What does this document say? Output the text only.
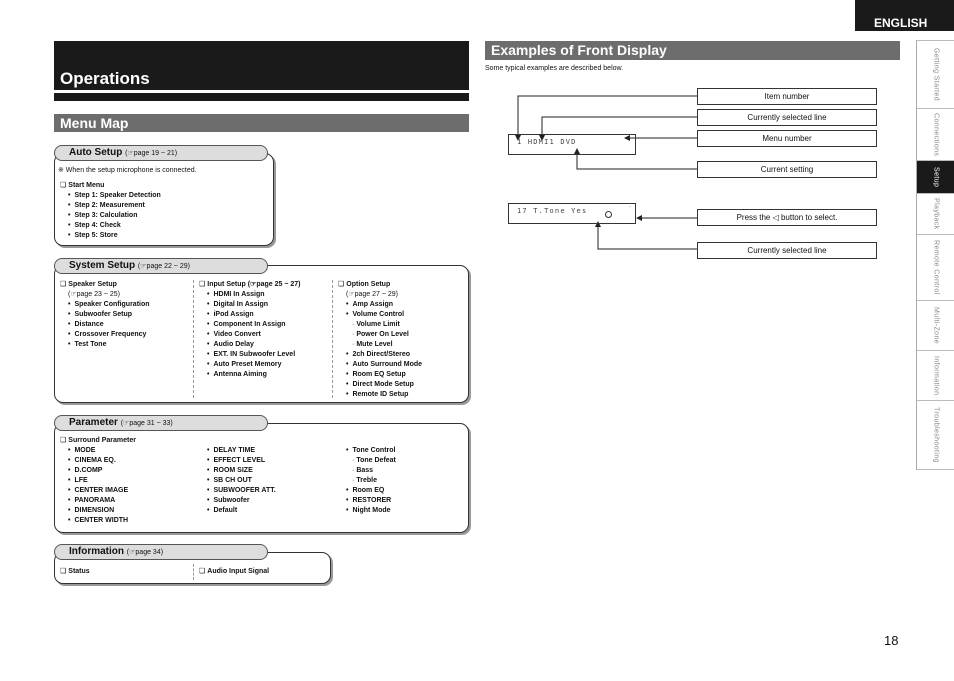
ENGLISH
Getting Started
Connections
Setup
Playback
Remote Control
Multi-Zone
Information
Troubleshooting
Operations
Menu Map
※ When the setup microphone is connected.
❑ Start Menu
• Step 1: Speaker Detection
• Step 2: Measurement
• Step 3: Calculation
• Step 4: Check
• Step 5: Store
Auto Setup (☞page 19 ~ 21)
❑ Speaker Setup
(☞page 23 ~ 25)
• Speaker Configuration
• Subwoofer Setup
• Distance
• Crossover Frequency
• Test Tone
❑ Input Setup (☞page 25 ~ 27)
• HDMI In Assign
• Digital In Assign
• iPod Assign
• Component In Assign
• Video Convert
• Audio Delay
• EXT. IN Subwoofer Level
• Auto Preset Memory
• Antenna Aiming
❑ Option Setup
(☞page 27 ~ 29)
• Amp Assign
• Volume Control
· Volume Limit
· Power On Level
· Mute Level
• 2ch Direct/Stereo
• Auto Surround Mode
• Room EQ Setup
• Direct Mode Setup
• Remote ID Setup
System Setup (☞page 22 ~ 29)
❑ Surround Parameter
• MODE
• CINEMA EQ.
• D.COMP
• LFE
• CENTER IMAGE
• PANORAMA
• DIMENSION
• CENTER WIDTH
• DELAY TIME
• EFFECT LEVEL
• ROOM SIZE
• SB CH OUT
• SUBWOOFER ATT.
• Subwoofer
• Default
• Tone Control
· Tone Defeat
· Bass
· Treble
• Room EQ
• RESTORER
• Night Mode
Parameter (☞page 31 ~ 33)
❑ Status
❑	Audio Input Signal
Information (☞page 34)
Examples of Front Display
Some typical examples are described below.
1 HDMI1 DVD
:
17 T.Tone Yes
:
Item number
Currently selected line
Menu number
Current setting
Press the ◁ button to select.
Currently selected line
18
